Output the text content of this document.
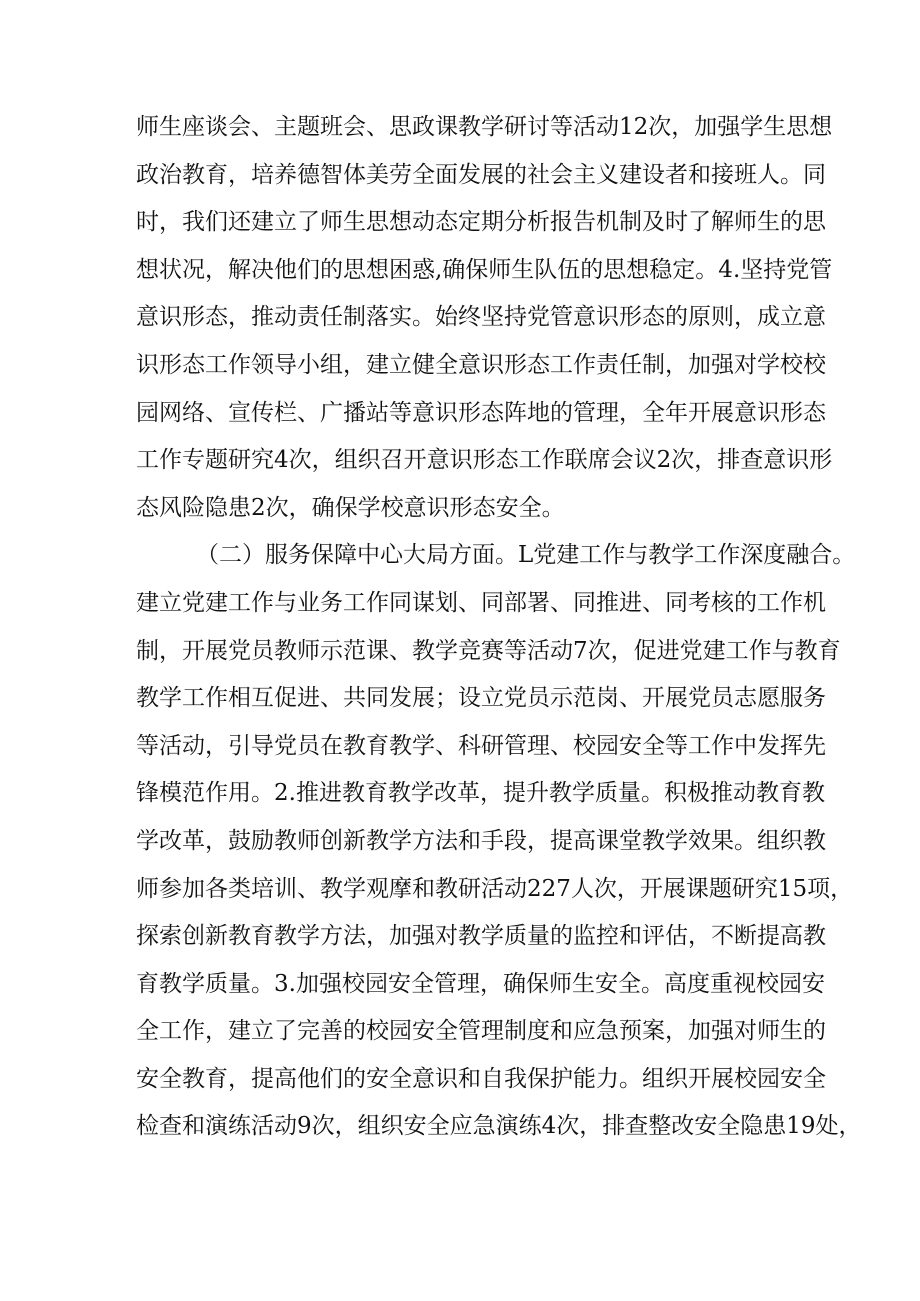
师生座谈会、主题班会、思政课教学研讨等活动12次，加强学生思想
政治教育，培养德智体美劳全面发展的社会主义建设者和接班人。同
时，我们还建立了师生思想动态定期分析报告机制及时了解师生的思
想状况，解决他们的思想困惑,确保师生队伍的思想稳定。4.坚持党管
意识形态，推动责任制落实。始终坚持党管意识形态的原则，成立意
识形态工作领导小组，建立健全意识形态工作责任制，加强对学校校
园网络、宣传栏、广播站等意识形态阵地的管理，全年开展意识形态
工作专题研究4次，组织召开意识形态工作联席会议2次，排查意识形
态风险隐患2次，确保学校意识形态安全。
（二）服务保障中心大局方面。L党建工作与教学工作深度融合。
建立党建工作与业务工作同谋划、同部署、同推进、同考核的工作机
制，开展党员教师示范课、教学竞赛等活动7次，促进党建工作与教育
教学工作相互促进、共同发展；设立党员示范岗、开展党员志愿服务
等活动，引导党员在教育教学、科研管理、校园安全等工作中发挥先
锋模范作用。2.推进教育教学改革，提升教学质量。积极推动教育教
学改革，鼓励教师创新教学方法和手段，提高课堂教学效果。组织教
师参加各类培训、教学观摩和教研活动227人次，开展课题研究15项，
探索创新教育教学方法，加强对教学质量的监控和评估，不断提高教
育教学质量。3.加强校园安全管理，确保师生安全。高度重视校园安
全工作，建立了完善的校园安全管理制度和应急预案，加强对师生的
安全教育，提高他们的安全意识和自我保护能力。组织开展校园安全
检查和演练活动9次，组织安全应急演练4次，排查整改安全隐患19处，
